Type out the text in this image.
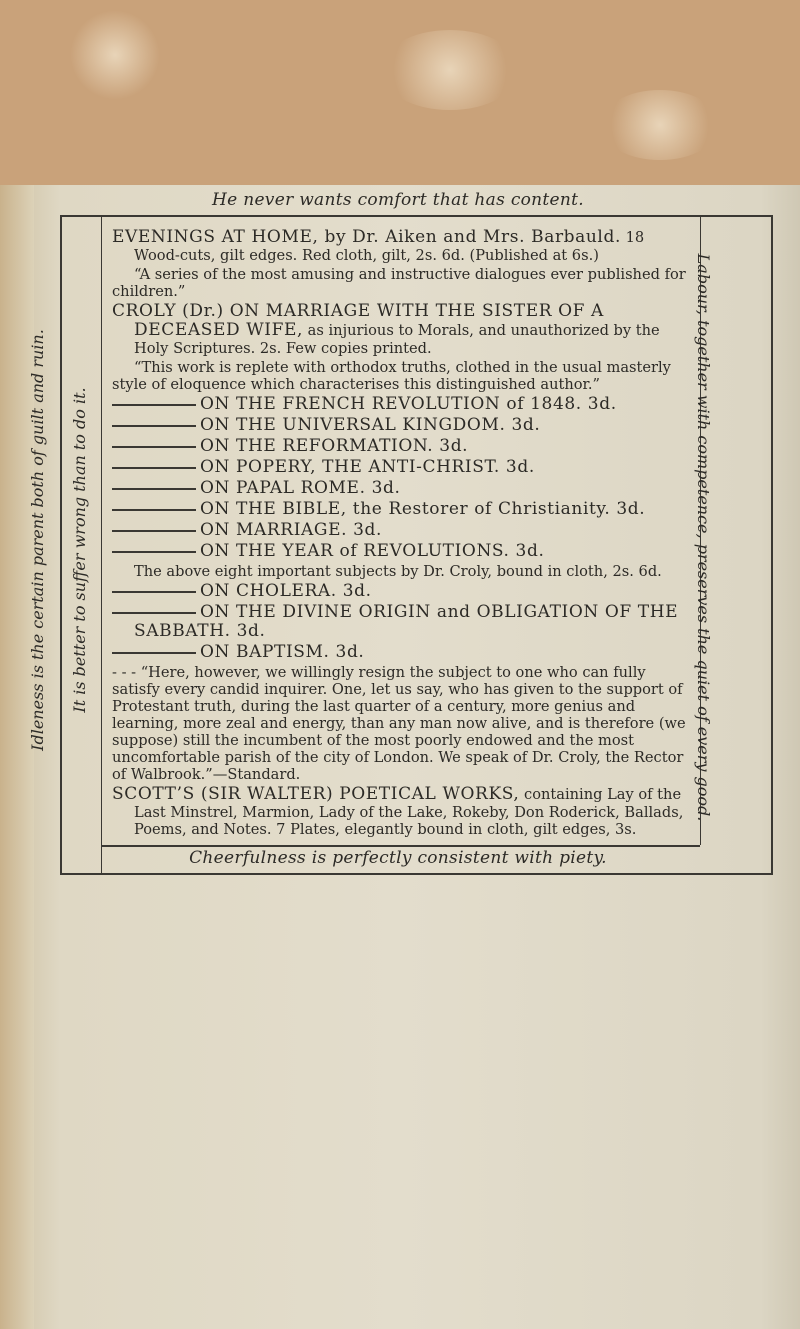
He never wants comfort that has content.
Idleness is the certain parent both of guilt and ruin. It is better to suffer wrong than to do it.	Labour, together with competence, preserves the quiet of every good.
EVENINGS AT HOME, by Dr. Aiken and Mrs. Barbauld. 18 Wood-cuts, gilt edges. Red cloth, gilt, 2s. 6d. (Published at 6s.)
“A series of the most amusing and instructive dialogues ever published for children.”
CROLY (Dr.) ON MARRIAGE WITH THE SISTER OF A DECEASED WIFE, as injurious to Morals, and unauthorized by the Holy Scriptures. 2s. Few copies printed.
“This work is replete with orthodox truths, clothed in the usual masterly style of eloquence which characterises this distinguished author.”
ON THE FRENCH REVOLUTION of 1848. 3d.
ON THE UNIVERSAL KINGDOM. 3d.
ON THE REFORMATION. 3d.
ON POPERY, THE ANTI-CHRIST. 3d.
ON PAPAL ROME. 3d.
ON THE BIBLE, the Restorer of Christianity. 3d.
ON MARRIAGE. 3d.
ON THE YEAR of REVOLUTIONS. 3d.
The above eight important subjects by Dr. Croly, bound in cloth, 2s. 6d.
ON CHOLERA. 3d.
ON THE DIVINE ORIGIN and OBLIGATION OF THE SABBATH. 3d.
ON BAPTISM. 3d.
- - - “Here, however, we willingly resign the subject to one who can fully satisfy every candid inquirer. One, let us say, who has given to the support of Protestant truth, during the last quarter of a century, more genius and learning, more zeal and energy, than any man now alive, and is therefore (we suppose) still the incumbent of the most poorly endowed and the most uncomfortable parish of the city of London. We speak of Dr. Croly, the Rector of Walbrook.”—Standard.
SCOTT’S (SIR WALTER) POETICAL WORKS, containing Lay of the Last Minstrel, Marmion, Lady of the Lake, Rokeby, Don Roderick, Ballads, Poems, and Notes. 7 Plates, elegantly bound in cloth, gilt edges, 3s.
Cheerfulness is perfectly consistent with piety.
